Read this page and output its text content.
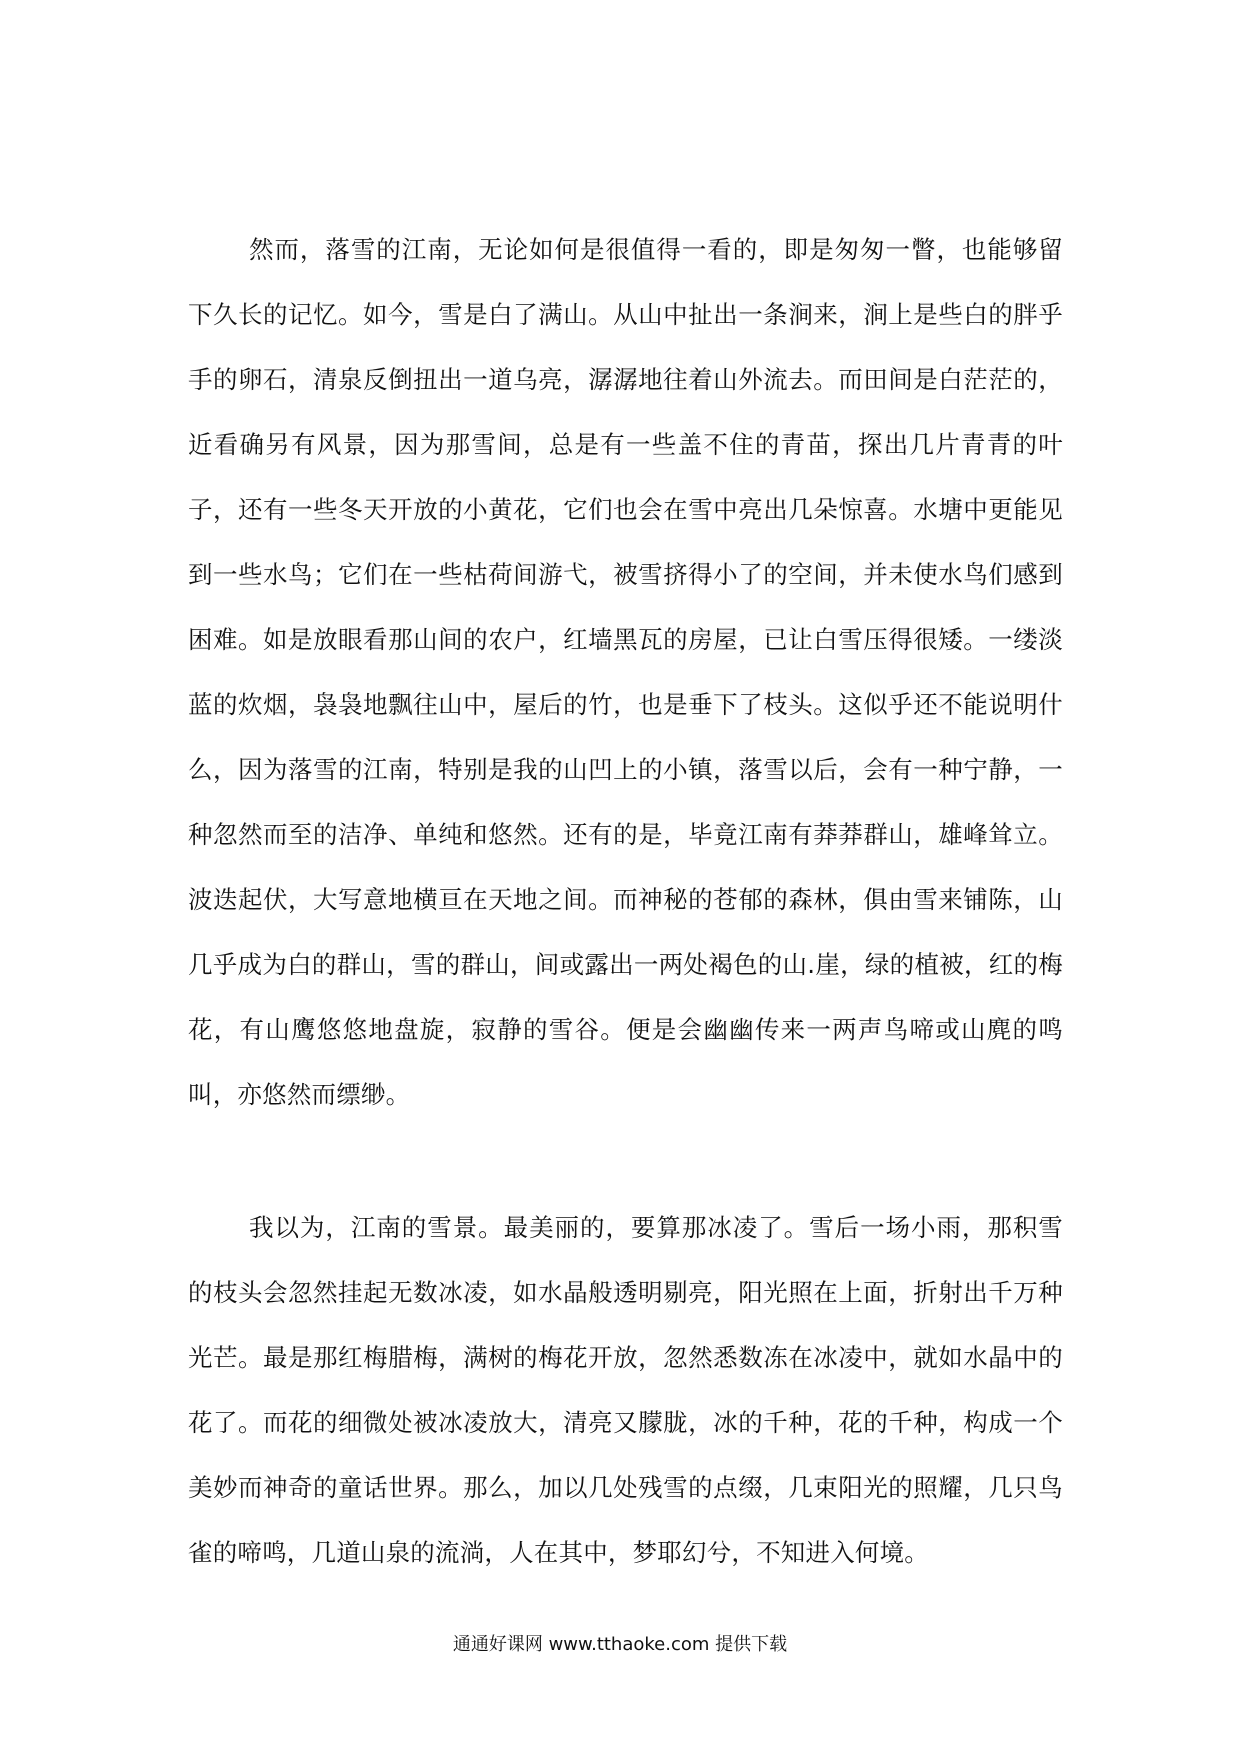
然而，落雪的江南，无论如何是很值得一看的，即是匆匆一瞥，也能够留下久长的记忆。如今，雪是白了满山。从山中扯出一条涧来，涧上是些白的胖乎手的卵石，清泉反倒扭出一道乌亮，潺潺地往着山外流去。而田间是白茫茫的，近看确另有风景，因为那雪间，总是有一些盖不住的青苗，探出几片青青的叶子，还有一些冬天开放的小黄花，它们也会在雪中亮出几朵惊喜。水塘中更能见到一些水鸟；它们在一些枯荷间游弋，被雪挤得小了的空间，并未使水鸟们感到困难。如是放眼看那山间的农户，红墙黑瓦的房屋，已让白雪压得很矮。一缕淡蓝的炊烟，袅袅地飘往山中，屋后的竹，也是垂下了枝头。这似乎还不能说明什么，因为落雪的江南，特别是我的山凹上的小镇，落雪以后，会有一种宁静，一种忽然而至的洁净、单纯和悠然。还有的是，毕竟江南有莽莽群山，雄峰耸立。波迭起伏，大写意地横亘在天地之间。而神秘的苍郁的森林，俱由雪来铺陈，山几乎成为白的群山，雪的群山，间或露出一两处褐色的山.崖，绿的植被，红的梅花，有山鹰悠悠地盘旋，寂静的雪谷。便是会幽幽传来一两声鸟啼或山麂的鸣叫，亦悠然而缥缈。

我以为，江南的雪景。最美丽的，要算那冰凌了。雪后一场小雨，那积雪的枝头会忽然挂起无数冰凌，如水晶般透明剔亮，阳光照在上面，折射出千万种光芒。最是那红梅腊梅，满树的梅花开放，忽然悉数冻在冰凌中，就如水晶中的花了。而花的细微处被冰凌放大，清亮又朦胧，冰的千种，花的千种，构成一个美妙而神奇的童话世界。那么，加以几处残雪的点缀，几束阳光的照耀，几只鸟雀的啼鸣，几道山泉的流淌，人在其中，梦耶幻兮，不知进入何境。

通通好课网 www.tthaoke.com 提供下载
